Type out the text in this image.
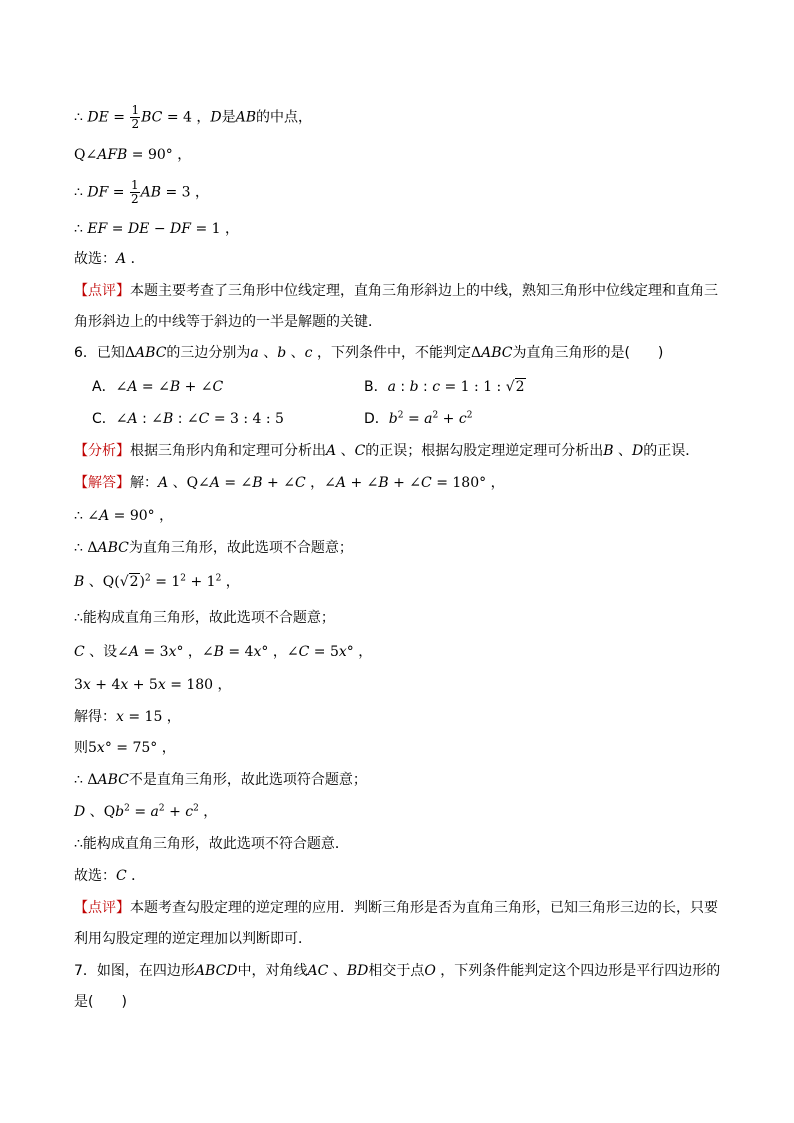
∴ DE = $\frac{1}{2}$ BC = 4 ，D是AB的中点，
Q∠AFB = 90° ，
∴ DF = $\frac{1}{2}$ AB = 3 ，
∴ EF = DE − DF = 1 ，
故选：A ．
【点评】本题主要考查了三角形中位线定理，直角三角形斜边上的中线，熟知三角形中位线定理和直角三
角形斜边上的中线等于斜边的一半是解题的关键．
6．已知ΔABC的三边分别为a 、b 、c ，下列条件中，不能判定ΔABC为直角三角形的是(　　)
A．∠A = ∠B + ∠C	B．a : b : c = 1 : 1 : √2
C．∠A : ∠B : ∠C = 3 : 4 : 5	D．$b^2 = a^2 + c^2$
【分析】根据三角形内角和定理可分析出A 、C的正误；根据勾股定理逆定理可分析出B 、D的正误．
【解答】解：A 、Q∠A = ∠B + ∠C ，∠A + ∠B + ∠C = 180° ，
∴ ∠A = 90° ，
∴ ΔABC为直角三角形，故此选项不合题意；
B 、$Q(√2)^2 = 1^2 + 1^2$ ，
∴能构成直角三角形，故此选项不合题意；
C 、设∠A = 3x° ，∠B = 4x° ，∠C = 5x° ，
3x + 4x + 5x = 180 ，
解得：x = 15 ，
则5x° = 75° ，
∴ ΔABC不是直角三角形，故此选项符合题意；
D 、$Qb^2 = a^2 + c^2$ ，
∴能构成直角三角形，故此选项不符合题意．
故选：C ．
【点评】本题考查勾股定理的逆定理的应用．判断三角形是否为直角三角形，已知三角形三边的长，只要
利用勾股定理的逆定理加以判断即可．
7．如图，在四边形ABCD中，对角线AC 、BD相交于点O ，下列条件能判定这个四边形是平行四边形的
是(　　)
